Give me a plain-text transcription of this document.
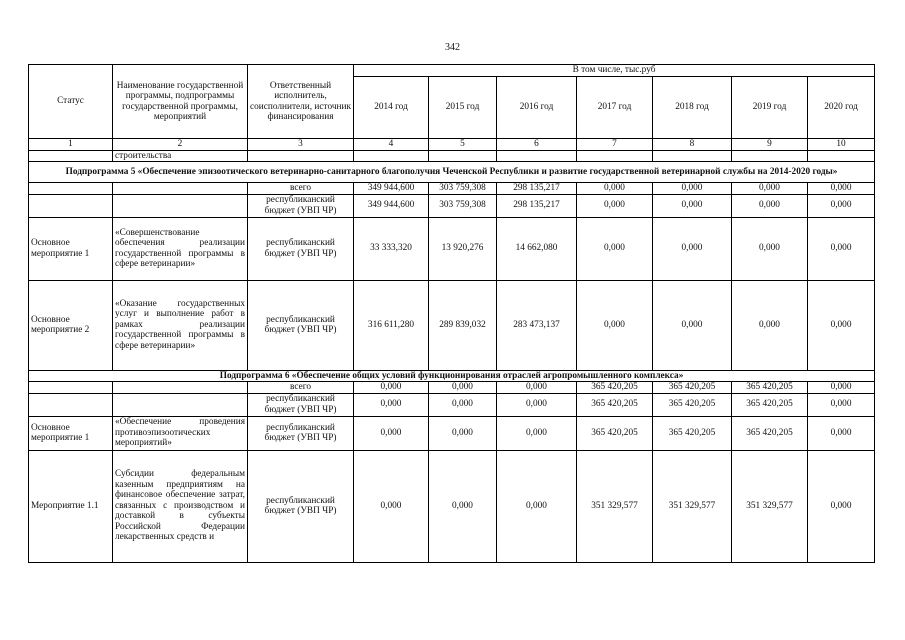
342
Статус	Наименование государственной программы, подпрограммы государственной программы, мероприятий	Ответственный исполнитель, соисполнители, источник финансирования	В том числе, тыс.руб						
			2014 год	2015 год	2016 год	2017 год	2018 год	2019 год	2020 год
1	2	3	4	5	6	7	8	9	10
	строительства								
Подпрограмма 5 «Обеспечение эпизоотического ветеринарно-санитарного благополучия Чеченской Республики и развитие государственной ветеринарной службы на 2014-2020 годы»									
		всего	349 944,600	303 759,308	298 135,217	0,000	0,000	0,000	0,000
		республиканский бюджет (УВП ЧР)	349 944,600	303 759,308	298 135,217	0,000	0,000	0,000	0,000
Основное мероприятие 1	«Совершенствование обеспечения реализации государственной программы в сфере ветеринарии»	республиканский бюджет (УВП ЧР)	33 333,320	13 920,276	14 662,080	0,000	0,000	0,000	0,000
Основное мероприятие 2	«Оказание государственных услуг и выполнение работ в рамках реализации государственной программы в сфере ветеринарии»	республиканский бюджет (УВП ЧР)	316 611,280	289 839,032	283 473,137	0,000	0,000	0,000	0,000
Подпрограмма 6 «Обеспечение общих условий функционирования отраслей агропромышленного комплекса»									
		всего	0,000	0,000	0,000	365 420,205	365 420,205	365 420,205	0,000
		республиканский бюджет (УВП ЧР)	0,000	0,000	0,000	365 420,205	365 420,205	365 420,205	0,000
Основное мероприятие 1	«Обеспечение проведения противоэпизоотических мероприятий»	республиканский бюджет (УВП ЧР)	0,000	0,000	0,000	365 420,205	365 420,205	365 420,205	0,000
Мероприятие 1.1	Субсидии федеральным казенным предприятиям на финансовое обеспечение затрат, связанных с производством и доставкой в субъекты Российской Федерации лекарственных средств и	республиканский бюджет (УВП ЧР)	0,000	0,000	0,000	351 329,577	351 329,577	351 329,577	0,000
